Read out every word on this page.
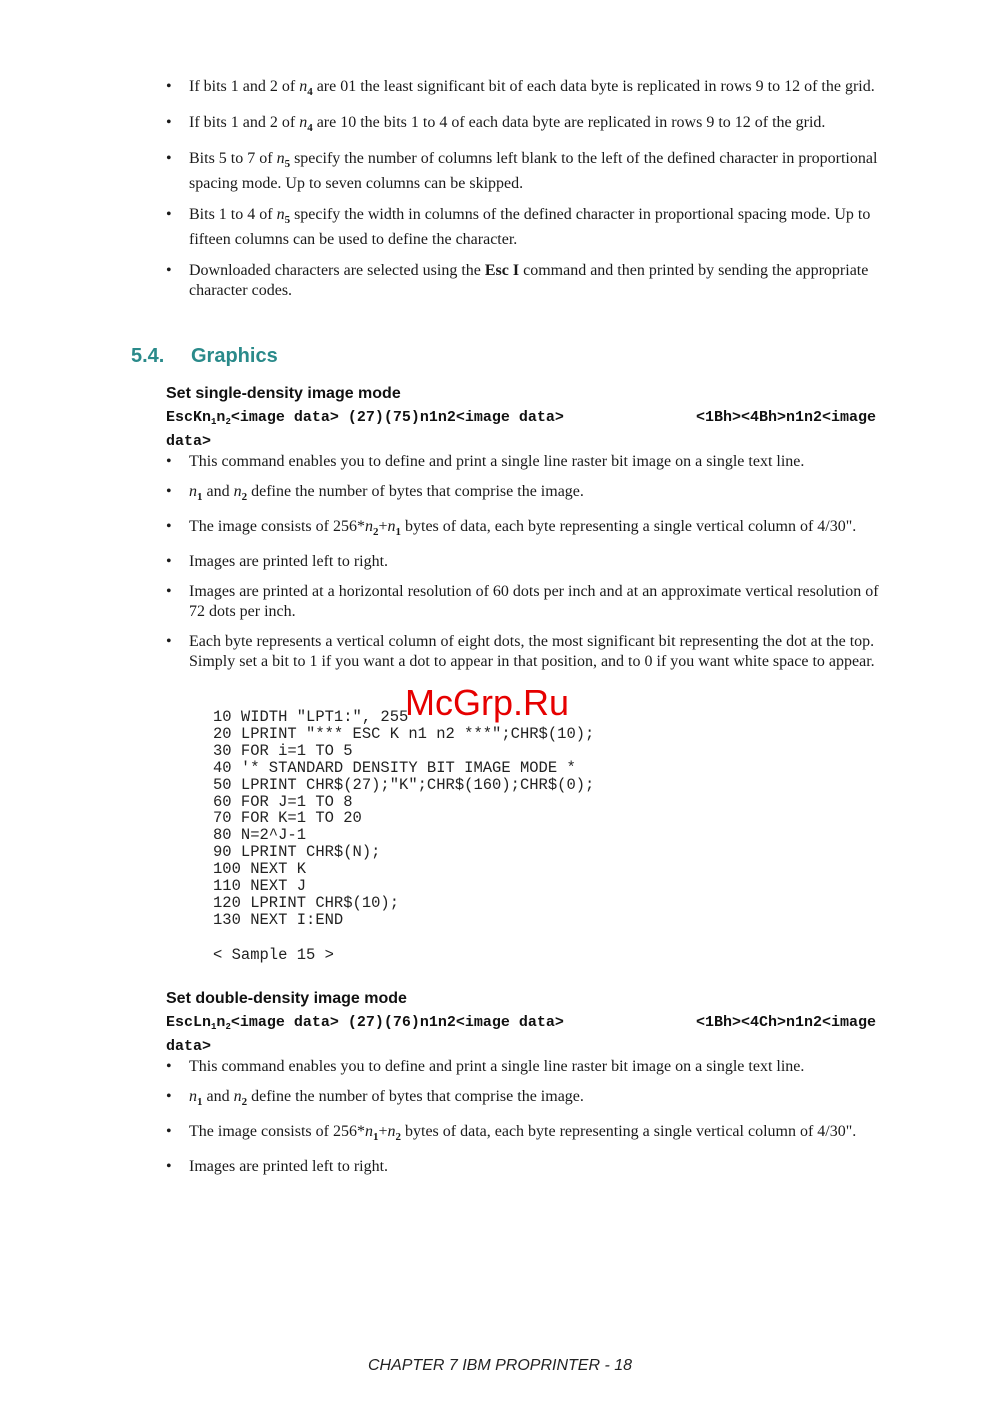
• If bits 1 and 2 of $n_4$ are 01 the least significant bit of each data byte is replicated in rows 9 to 12 of the grid.
• If bits 1 and 2 of $n_4$ are 10 the bits 1 to 4 of each data byte are replicated in rows 9 to 12 of the grid.
• Bits 5 to 7 of $n_5$ specify the number of columns left blank to the left of the defined character in proportional spacing mode. Up to seven columns can be skipped.
• Bits 1 to 4 of $n_5$ specify the width in columns of the defined character in proportional spacing mode. Up to fifteen columns can be used to define the character.
• Downloaded characters are selected using the Esc I command and then printed by sending the appropriate character codes.
5.4. Graphics
Set single-density image mode
$EscKn_1n_2<image$ data> (27)(75)n1n2<image data>	<1Bh><4Bh>n1n2<image
data>
• This command enables you to define and print a single line raster bit image on a single text line.
• $n_1$ and $n_2$ define the number of bytes that comprise the image.
• The image consists of $256*n_2+n_1$ bytes of data, each byte representing a single vertical column of 4/30".
• Images are printed left to right.
• Images are printed at a horizontal resolution of 60 dots per inch and at an approximate vertical resolution of 72 dots per inch.
• Each byte represents a vertical column of eight dots, the most significant bit representing the dot at the top. Simply set a bit to 1 if you want a dot to appear in that position, and to 0 if you want white space to appear.
10 WIDTH "LPT1:", 255
20 LPRINT "*** ESC K n1 n2 ***";CHR$(10);
30 FOR i=1 TO 5
40 '* STANDARD DENSITY BIT IMAGE MODE *
50 LPRINT CHR$(27);"K";CHR$(160);CHR$(0);
60 FOR J=1 TO 8
70 FOR K=1 TO 20
80 N=2^J-1
90 LPRINT CHR$(N);
100 NEXT K
110 NEXT J
120 LPRINT CHR$(10);
130 NEXT I:END
< Sample 15 >
Set double-density image mode
$EscLn_1n_2<image$ data> (27)(76)n1n2<image data>	<1Bh><4Ch>n1n2<image
data>
• This command enables you to define and print a single line raster bit image on a single text line.
• $n_1$ and $n_2$ define the number of bytes that comprise the image.
• The image consists of $256*n_1+n_2$ bytes of data, each byte representing a single vertical column of 4/30".
• Images are printed left to right.
McGrp.Ru
CHAPTER 7 IBM PROPRINTER - 18
